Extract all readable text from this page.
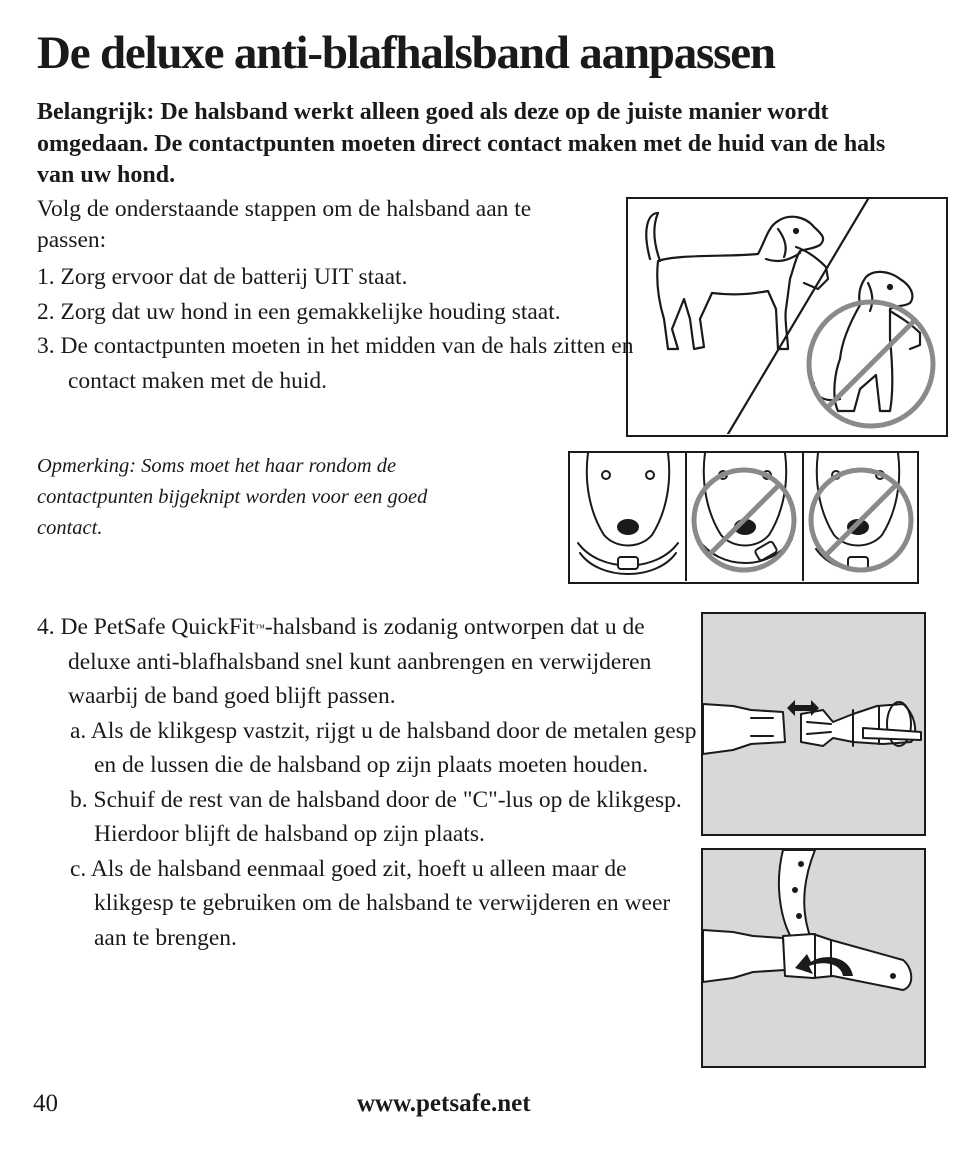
De deluxe anti-blafhalsband aanpassen

Belangrijk: De halsband werkt alleen goed als deze op de juiste manier wordt omgedaan. De contactpunten moeten direct contact maken met de huid van de hals van uw hond.

Volg de onderstaande stappen om de halsband aan te passen:

1. Zorg ervoor dat de batterij UIT staat.
2. Zorg dat uw hond in een gemakkelijke houding staat.
3. De contactpunten moeten in het midden van de hals zitten en contact maken met de huid.

Opmerking: Soms moet het haar rondom de contactpunten bijgeknipt worden voor een goed contact.

4. De PetSafe QuickFit™-halsband is zodanig ontworpen dat u de deluxe anti-blafhalsband snel kunt aanbrengen en verwijderen waarbij de band goed blijft passen.
a. Als de klikgesp vastzit, rijgt u de halsband door de metalen gesp en de lussen die de halsband op zijn plaats moeten houden.
b. Schuif de rest van de halsband door de "C"-lus op de klikgesp. Hierdoor blijft de halsband op zijn plaats.
c. Als de halsband eenmaal goed zit, hoeft u alleen maar de klikgesp te gebruiken om de halsband te verwijderen en weer aan te brengen.
40	www.petsafe.net
